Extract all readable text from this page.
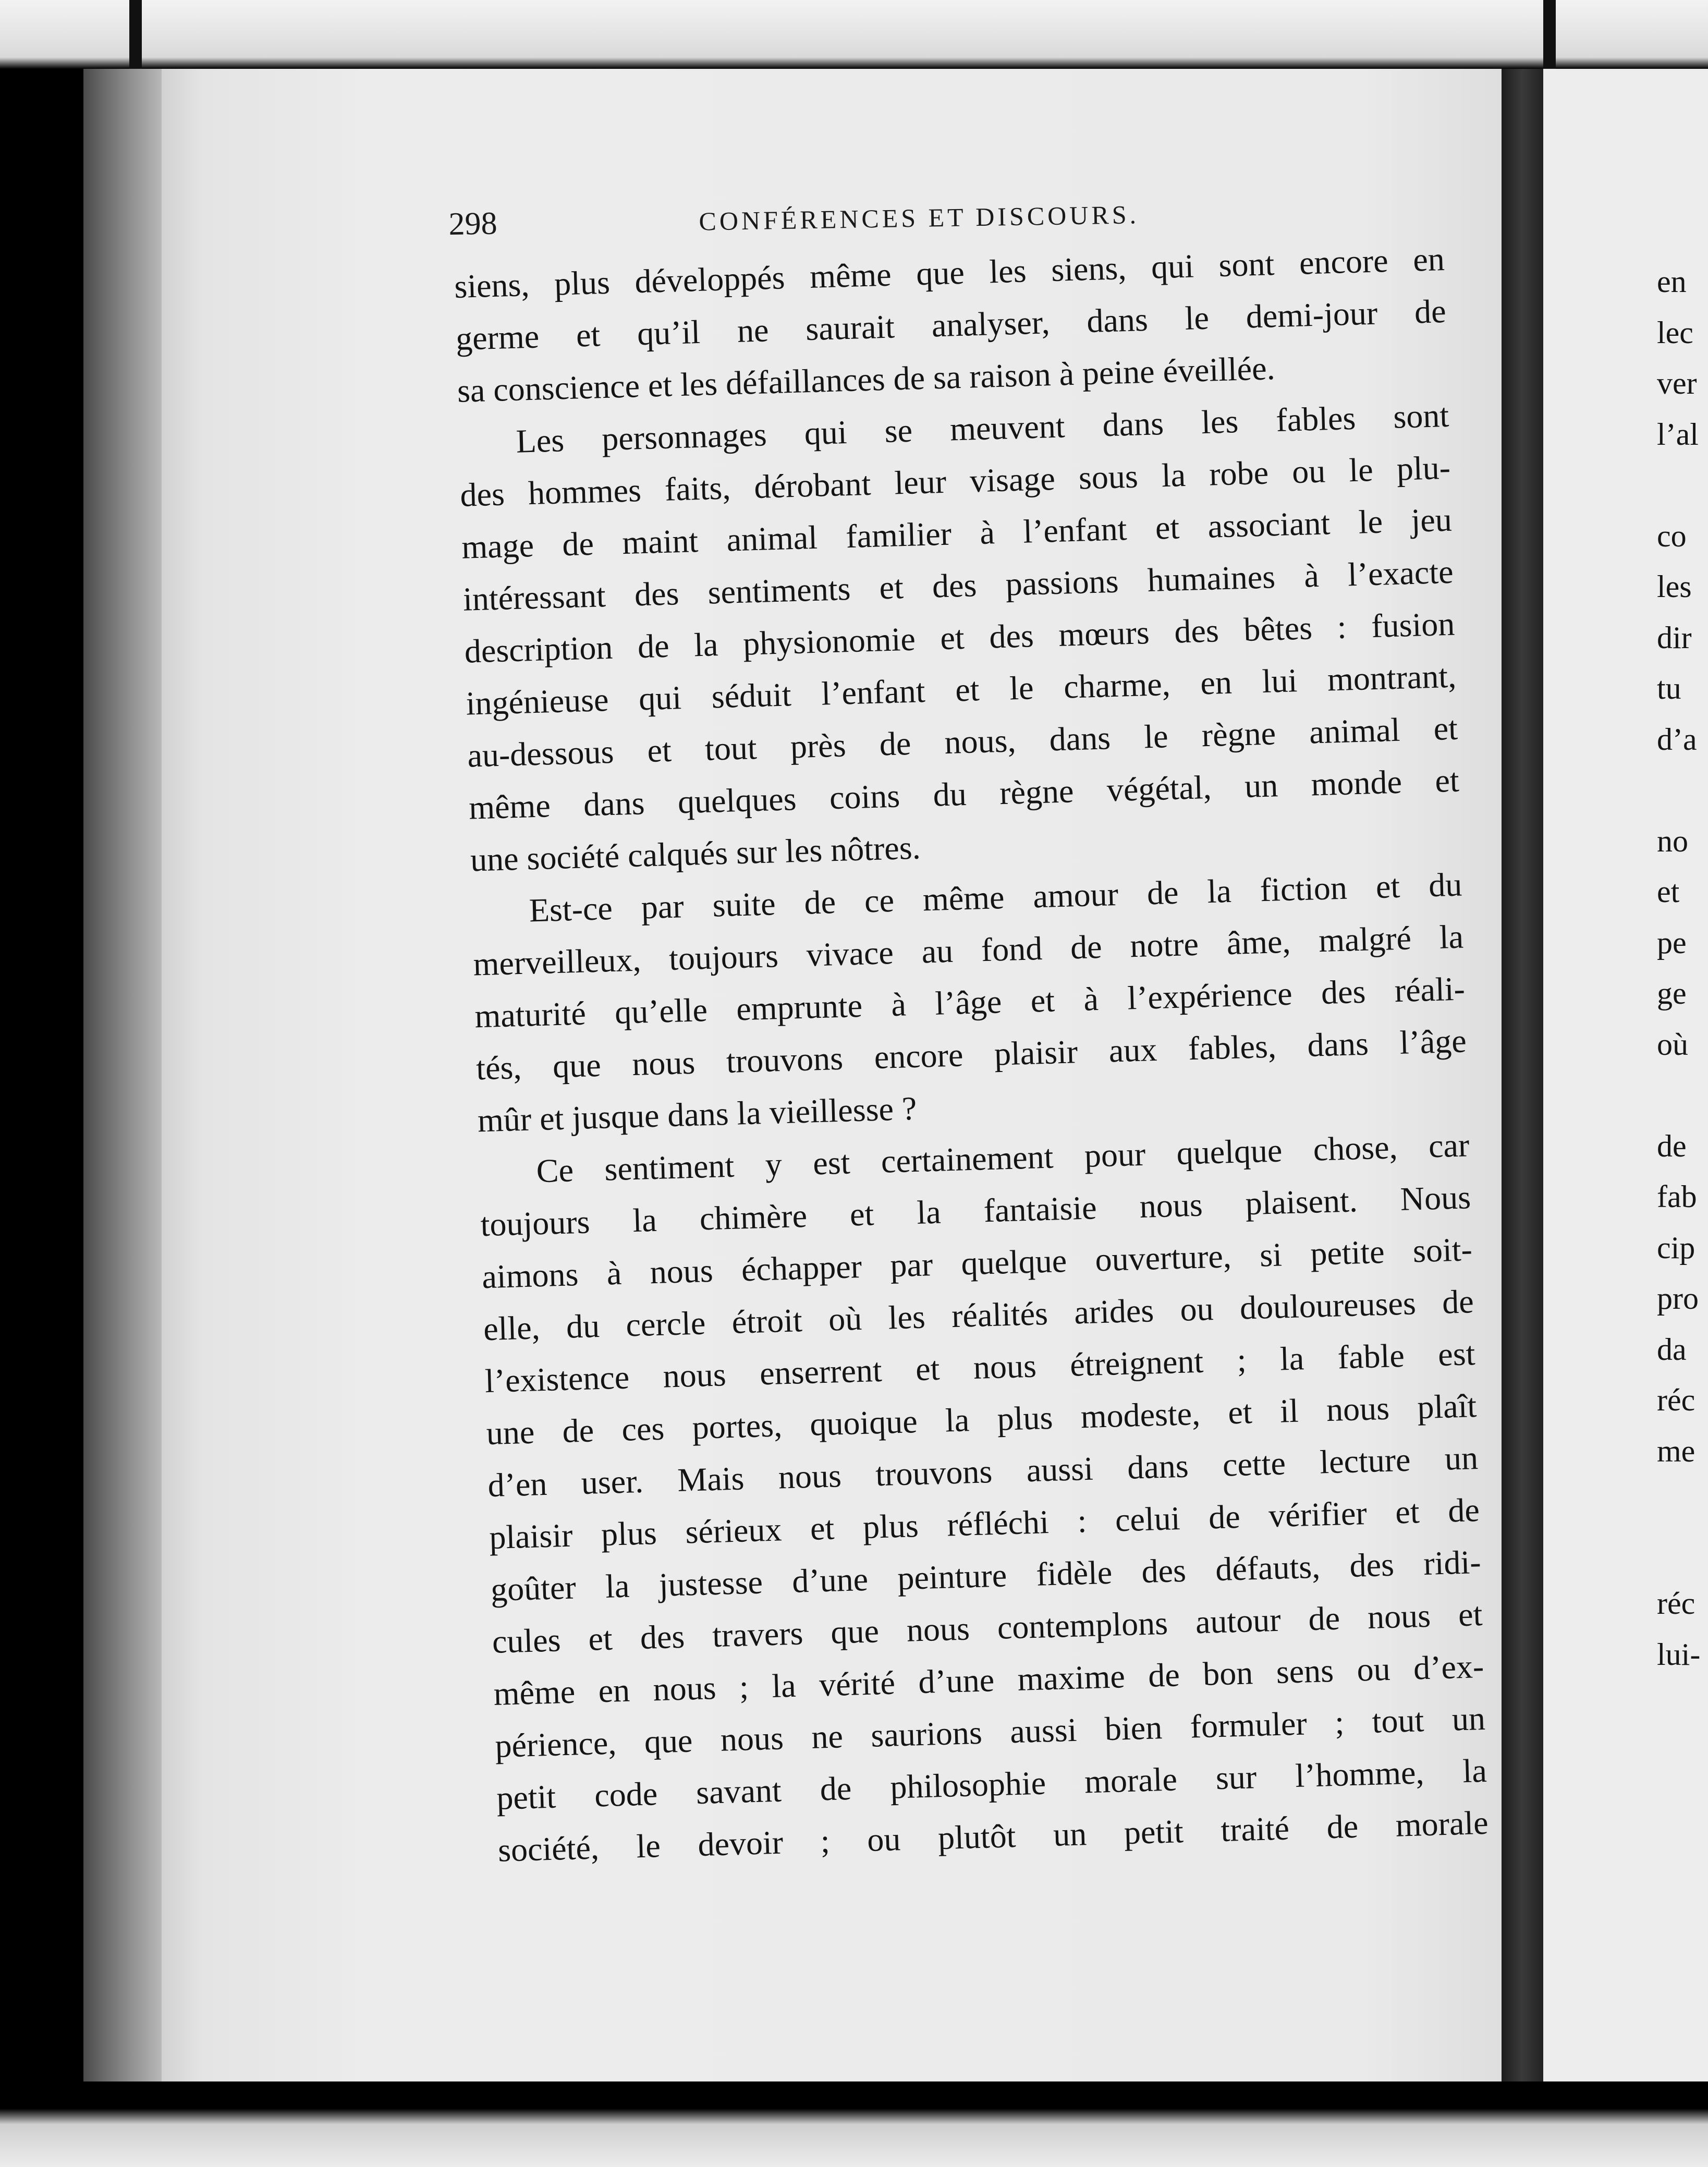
298	CONFÉRENCES ET DISCOURS.

siens, plus développés même que les siens, qui sont encore en
germe et qu’il ne saurait analyser, dans le demi-jour de
sa conscience et les défaillances de sa raison à peine éveillée.

Les personnages qui se meuvent dans les fables sont
des hommes faits, dérobant leur visage sous la robe ou le plu-
mage de maint animal familier à l’enfant et associant le jeu
intéressant des sentiments et des passions humaines à l’exacte
description de la physionomie et des mœurs des bêtes : fusion
ingénieuse qui séduit l’enfant et le charme, en lui montrant,
au-dessous et tout près de nous, dans le règne animal et
même dans quelques coins du règne végétal, un monde et
une société calqués sur les nôtres.

Est-ce par suite de ce même amour de la fiction et du
merveilleux, toujours vivace au fond de notre âme, malgré la
maturité qu’elle emprunte à l’âge et à l’expérience des réali-
tés, que nous trouvons encore plaisir aux fables, dans l’âge
mûr et jusque dans la vieillesse ?

Ce sentiment y est certainement pour quelque chose, car
toujours la chimère et la fantaisie nous plaisent. Nous
aimons à nous échapper par quelque ouverture, si petite soit-
elle, du cercle étroit où les réalités arides ou douloureuses de
l’existence nous enserrent et nous étreignent ; la fable est
une de ces portes, quoique la plus modeste, et il nous plaît
d’en user. Mais nous trouvons aussi dans cette lecture un
plaisir plus sérieux et plus réfléchi : celui de vérifier et de
goûter la justesse d’une peinture fidèle des défauts, des ridi-
cules et des travers que nous contemplons autour de nous et
même en nous ; la vérité d’une maxime de bon sens ou d’ex-
périence, que nous ne saurions aussi bien formuler ; tout un
petit code savant de philosophie morale sur l’homme, la
société, le devoir ; ou plutôt un petit traité de morale

en
lec
ver
l’al
co
les
dir
tu
d’a
no
et
pe
ge
où
de
fab
cip
pro
da
réc
me
réc
lui-
